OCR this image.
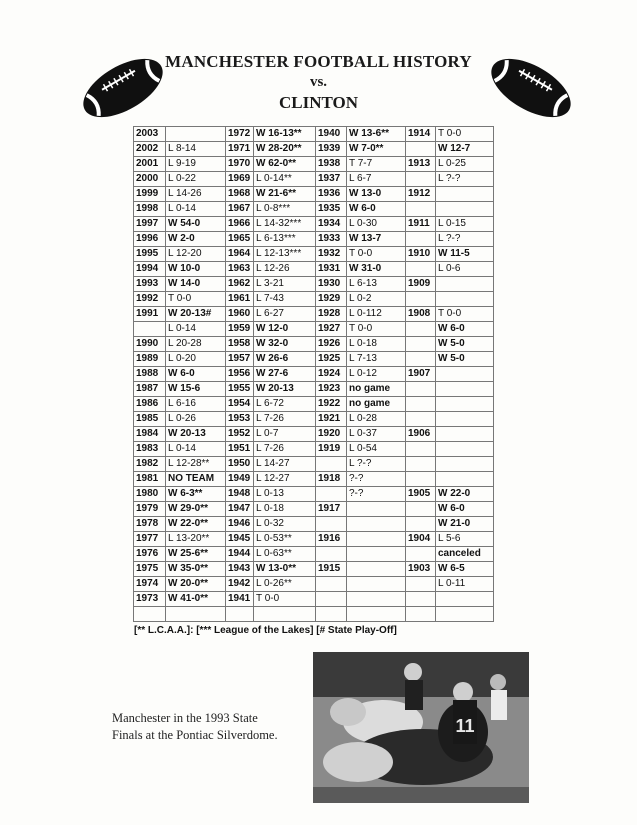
MANCHESTER FOOTBALL HISTORY
vs.
CLINTON
2003		1972	W 16-13**	1940	W 13-6**	1914	T 0-0
2002	L 8-14	1971	W 28-20**	1939	W 7-0**		W 12-7
2001	L 9-19	1970	W 62-0**	1938	T 7-7	1913	L 0-25
2000	L 0-22	1969	L 0-14**	1937	L 6-7		L ?-?
1999	L 14-26	1968	W 21-6**	1936	W 13-0	1912	
1998	L 0-14	1967	L 0-8***	1935	W 6-0		
1997	W 54-0	1966	L 14-32***	1934	L 0-30	1911	L 0-15
1996	W 2-0	1965	L 6-13***	1933	W 13-7		L ?-?
1995	L 12-20	1964	L 12-13***	1932	T 0-0	1910	W 11-5
1994	W 10-0	1963	L 12-26	1931	W 31-0		L 0-6
1993	W 14-0	1962	L 3-21	1930	L 6-13	1909	
1992	T 0-0	1961	L 7-43	1929	L 0-2		
1991	W 20-13#	1960	L 6-27	1928	L 0-112	1908	T 0-0
	L 0-14	1959	W 12-0	1927	T 0-0		W 6-0
1990	L 20-28	1958	W 32-0	1926	L 0-18		W 5-0
1989	L 0-20	1957	W 26-6	1925	L 7-13		W 5-0
1988	W 6-0	1956	W 27-6	1924	L 0-12	1907	
1987	W 15-6	1955	W 20-13	1923	no game		
1986	L 6-16	1954	L 6-72	1922	no game		
1985	L 0-26	1953	L 7-26	1921	L 0-28		
1984	W 20-13	1952	L 0-7	1920	L 0-37	1906	
1983	L 0-14	1951	L 7-26	1919	L 0-54		
1982	L 12-28**	1950	L 14-27		L ?-?		
1981	NO TEAM	1949	L 12-27	1918	?-?		
1980	W 6-3**	1948	L 0-13		?-?	1905	W 22-0
1979	W 29-0**	1947	L 0-18	1917			W 6-0
1978	W 22-0**	1946	L 0-32				W 21-0
1977	L 13-20**	1945	L 0-53**	1916		1904	L 5-6
1976	W 25-6**	1944	L 0-63**				canceled
1975	W 35-0**	1943	W 13-0**	1915		1903	W 6-5
1974	W 20-0**	1942	L 0-26**				L 0-11
1973	W 41-0**	1941	T 0-0				

[** L.C.A.A.]: [*** League of the Lakes] [# State Play-Off]
Manchester in the 1993 State
Finals at the Pontiac Silverdome.	11
